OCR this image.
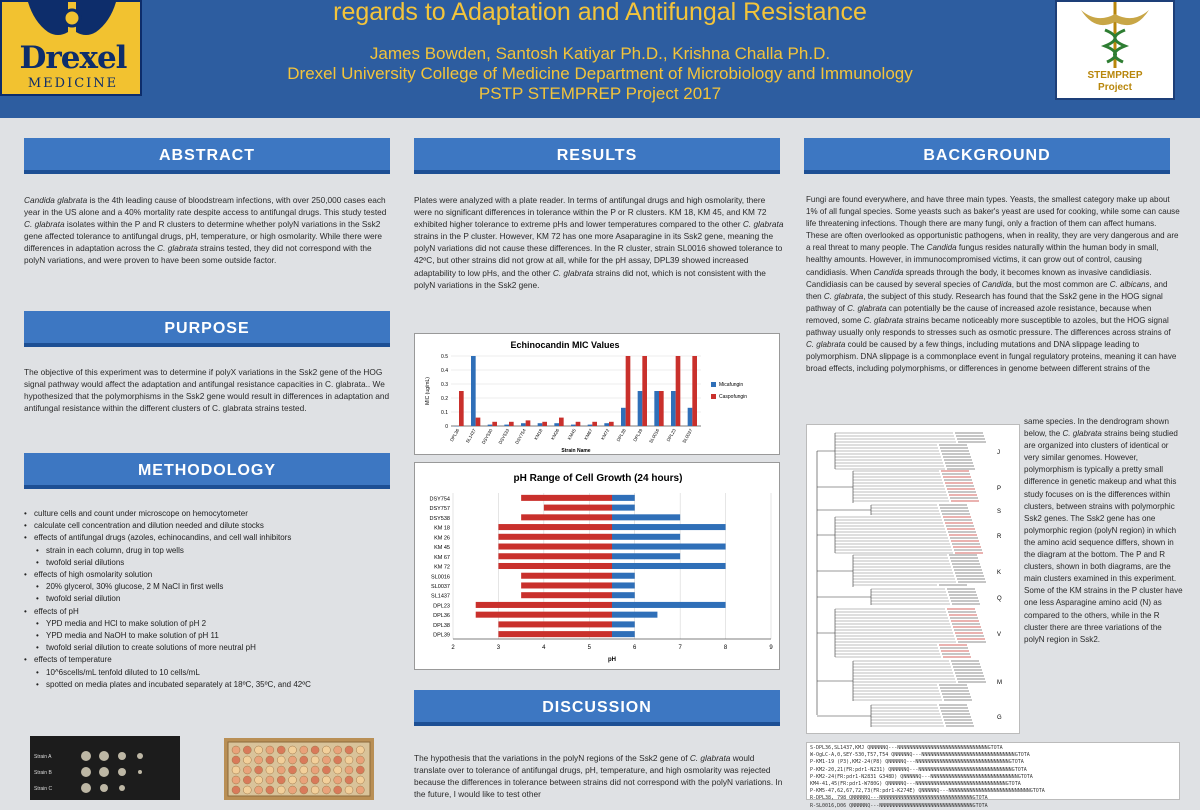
Drexel
MEDICINE
regards to Adaptation and Antifungal Resistance
James Bowden, Santosh Katiyar Ph.D., Krishna Challa Ph.D.
Drexel University College of Medicine Department of Microbiology and Immunology
PSTP STEMPREP Project 2017
STEMPREP
Project
ABSTRACT
Candida glabrata is the 4th leading cause of bloodstream infections, with over 250,000 cases each year in the US alone and a 40% mortality rate despite access to antifungal drugs. This study tested C. glabrata isolates within the P and R clusters to determine whether polyN variations in the Ssk2 gene affected tolerance to antifungal drugs, pH, temperature, or high osmolarity. While there were differences in adaptation across the C. glabrata strains tested, they did not correspond with the polyN variations, and were proven to have been some outside factor.
PURPOSE
The objective of this experiment was to determine if polyX variations in the Ssk2 gene of the HOG signal pathway would affect the adaptation and antifungal resistance capacities in C. glabrata.. We hypothesized that the polymorphisms in the Ssk2 gene would result in differences in adaptation and antifungal resistance within the different clusters of C. glabrata strains tested.
METHODOLOGY
• culture cells and count under microscope on hemocytometer
• calculate cell concentration and dilution needed and dilute stocks
• effects of antifungal drugs (azoles, echinocandins, and cell wall inhibitors
• strain in each column, drug in top wells
• twofold serial dilutions
• effects of high osmolarity solution
• 20% glycerol, 30% glucose, 2 M NaCl in first wells
• twofold serial dilution
• effects of pH
• YPD media and HCl to make solution of pH 2
• YPD media and NaOH to make solution of pH 11
• twofold serial dilution to create solutions of more neutral pH
• effects of temperature
• 10^6scells/mL tenfold diluted to 10 cells/mL
• spotted on media plates and incubated separately at 18ºC, 35ºC, and 42ºC
Strain A
Strain B
Strain C
RESULTS
Plates were analyzed with a plate reader. In terms of antifungal drugs and high osmolarity, there were no significant differences in tolerance within the P or R clusters. KM 18, KM 45, and KM 72 exhibited higher tolerance to extreme pHs and lower temperatures compared to the other C. glabrata strains in the P cluster. However, KM 72 has one more Asaparagine in its Ssk2 gene, meaning the polyN variations did not cause these differences. In the R cluster, strain SL0016 showed tolerance to 42ºC, but other strains did not grow at all, while for the pH assay, DPL39 showed increased adaptability to low pHs, and the other C. glabrata strains did not, which is not consistent with the polyN variations in the Ssk2 gene.
Echinocandin MIC Values
0
0.1
0.2
0.3
0.4
0.5
MIC (ug/mL)
DPL36 SL1437 DSY530 DSY533 DSY754 KM18 KM26 KM45 KM67 KM72 DPL38 DPL39 SL0016 DPL23 SL0037
Strain Name
Micafungin
Caspofungin
pH Range of Cell Growth (24 hours)
2	3	4	5	6	7	8	9
DSY754
DSY757
DSY538
KM 18
KM 26
KM 45
KM 67
KM 72
SL0016
SL0037
SL1437
DPL23
DPL36
DPL38
DPL39
pH
DISCUSSION
The hypothesis that the variations in the polyN regions of the Ssk2 gene of C. glabrata would translate over to tolerance of antifungal drugs, pH, temperature, and high osmolarity was rejected because the differences in tolerance between strains did not correspond with the polyN variations. In the future, I would like to test other
BACKGROUND
Fungi are found everywhere, and have three main types. Yeasts, the smallest category make up about 1% of all fungal species. Some yeasts such as baker's yeast are used for cooking, while some can cause life threatening infections. Though there are many fungi, only a fraction of them can affect humans. These are often overlooked as opportunistic pathogens, when in reality, they are very dangerous and are a real threat to many people. The Candida fungus resides naturally within the human body in small, healthy amounts. However, in immunocompromised victims, it can grow out of control, causing candidiasis. When Candida spreads through the body, it becomes known as invasive candidiasis. Candidiasis can be caused by several species of Candida, but the most common are C. albicans, and then C. glabrata, the subject of this study. Research has found that the Ssk2 gene in the HOG signal pathway of C. glabrata can potentially be the cause of increased azole resistance, because when removed, some C. glabrata strains became noticeably more susceptible to azoles, but the HOG signal pathway usually only responds to stresses such as osmotic pressure. The differences across strains of C. glabrata could be caused by a few things, including mutations and DNA slippage leading to polymorphism. DNA slippage is a commonplace event in fungal regulatory proteins, meaning it can have broad effects, including polymorphisms, or differences in genome between different strains of the
J
P
S
R
K
Q
V
M
G
same species. In the dendrogram shown below, the C. glabrata strains being studied are organized into clusters of identical or very similar genomes. However, polymorphism is typically a pretty small difference in genetic makeup and what this study focuses on is the differences within clusters, between strains with polymorphic Ssk2 genes. The Ssk2 gene has one polymorphic region (polyN region) in which the amino acid sequence differs, shown in the diagram at the bottom. The P and R clusters, shown in both diagrams, are the main clusters examined in this experiment. Some of the KM strains in the P cluster have one less Asparagine amino acid (N) as compared to the others, while in the R cluster there are three variations of the polyN region in Ssk2.
S-DPL36,SL1437,KMJ QNNNNNQ---NNNNNNNNNNNNNNNNNNNNNNNNNNNNNNGTOTA
W-OgLC-A,0,SEY-530,T57,T54 QNNNNNQ---NNNNNNNNNNNNNNNNNNNNNNNNNNNNNNNGTOTA
P-KM1-19 (P3),KM2-24(P8) QNNNNNQ---NNNNNNNNNNNNNNNNNNNNNNNNNNNNNNNGTOTA
P-KM2-20,21(FR:pdr1-N231) QNNNNNQ---NNNNNNNNNNNNNNNNNNNNNNNNNNNNNNNGTOTA
P-KM2-24(FR:pdr1-N2831 G348D) QNNNNNQ---NNNNNNNNNNNNNNNNNNNNNNNNNNNNNGTOTA
KM4-41,45(FR:pdr1-W780G) QNNNNNQ---NNNNNNNNNNNNNNNNNNNNNNNNNNNNNNGTOTA
P-KM5-47,62,67,72,73(FR:pdr1-K274E) QNNNNNQ---NNNNNNNNNNNNNNNNNNNNNNNNNNNGTOTA
R-DPL38, 798 QNNNNNQ---NNNNNNNNNNNNNNNNNNNNNNNNNNNNNNNGTOTA
R-SL0016,D06 QNNNNNQ---NNNNNNNNNNNNNNNNNNNNNNNNNNNNNNNGTOTA
